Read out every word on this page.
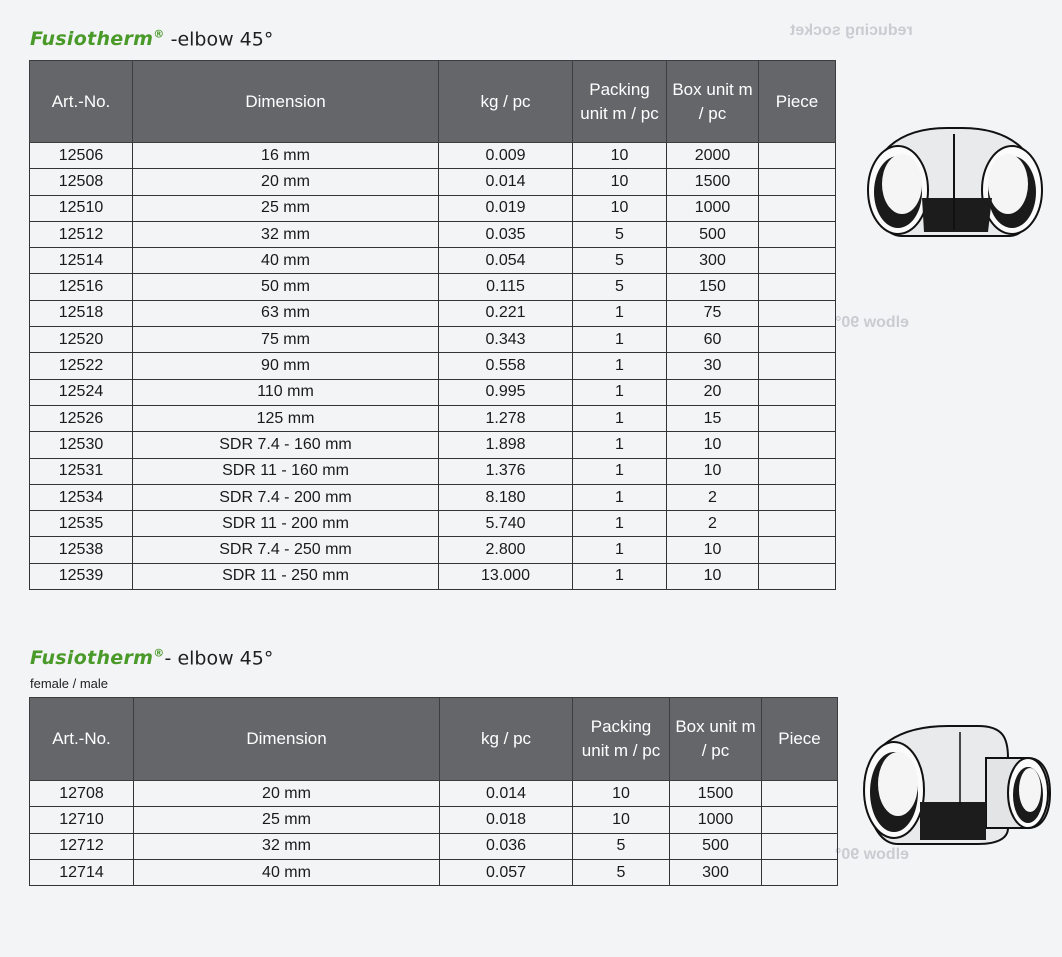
reducing socket
elbow 90°
elbow 90°
Fusiotherm® -elbow 45°
Art.-No.	Dimension	kg / pc	Packing unit m / pc	Box unit m / pc	Piece
12506	16 mm	0.009	10	2000	
12508	20 mm	0.014	10	1500	
12510	25 mm	0.019	10	1000	
12512	32 mm	0.035	5	500	
12514	40 mm	0.054	5	300	
12516	50 mm	0.115	5	150	
12518	63 mm	0.221	1	75	
12520	75 mm	0.343	1	60	
12522	90 mm	0.558	1	30	
12524	110 mm	0.995	1	20	
12526	125 mm	1.278	1	15	
12530	SDR 7.4 - 160 mm	1.898	1	10	
12531	SDR 11 - 160 mm	1.376	1	10	
12534	SDR 7.4 - 200 mm	8.180	1	2	
12535	SDR 11 - 200 mm	5.740	1	2	
12538	SDR 7.4 - 250 mm	2.800	1	10	
12539	SDR 11 - 250 mm	13.000	1	10	
Fusiotherm®- elbow 45°
female / male
Art.-No.	Dimension	kg / pc	Packing unit m / pc	Box unit m / pc	Piece
12708	20 mm	0.014	10	1500	
12710	25 mm	0.018	10	1000	
12712	32 mm	0.036	5	500	
12714	40 mm	0.057	5	300	
